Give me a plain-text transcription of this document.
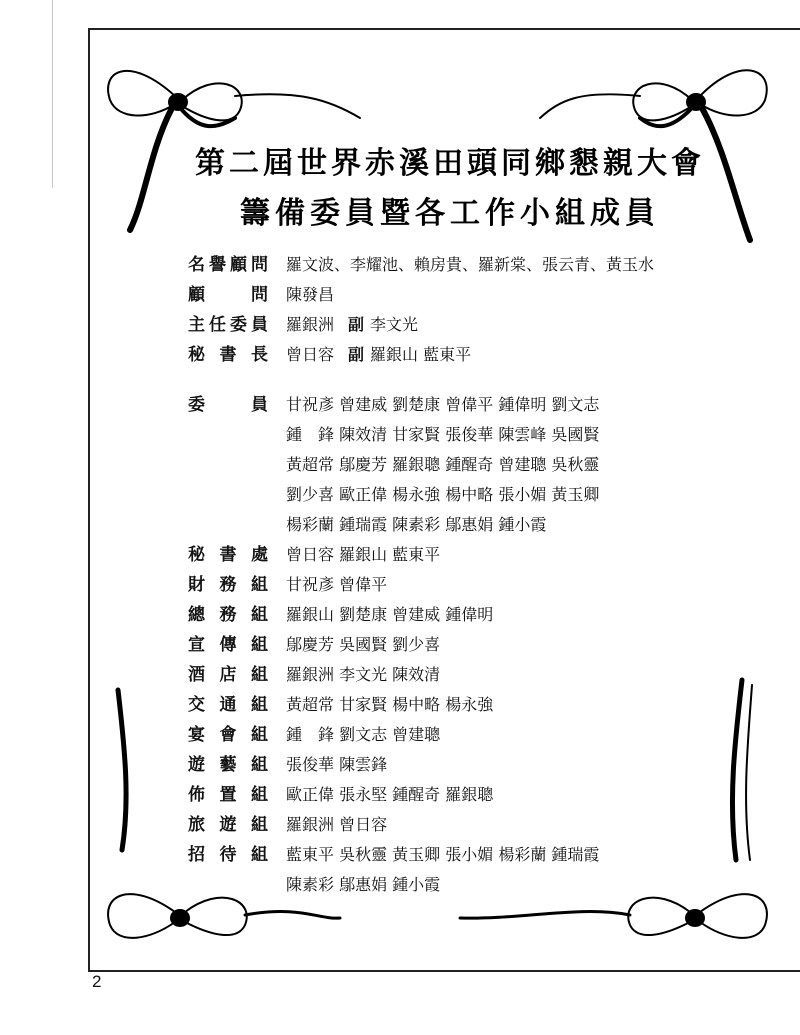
第二屆世界赤溪田頭同鄉懇親大會
籌備委員暨各工作小組成員
名譽顧問 羅文波、李耀池、賴房貴、羅新棠、張云青、黃玉水
顧　問 陳發昌
主任委員 羅銀洲 副 李文光
秘書長 曾日容 副 羅銀山 藍東平
委　員 甘祝彥 曾建威 劉楚康 曾偉平 鍾偉明 劉文志
鍾　鋒 陳效清 甘家賢 張俊華 陳雲峰 吳國賢
黃超常 鄔慶芳 羅銀聰 鍾醒奇 曾建聰 吳秋靈
劉少喜 歐正偉 楊永強 楊中略 張小媚 黃玉卿
楊彩蘭 鍾瑞霞 陳素彩 鄔惠娟 鍾小霞
秘書處 曾日容 羅銀山 藍東平
財務組 甘祝彥 曾偉平
總務組 羅銀山 劉楚康 曾建威 鍾偉明
宣傳組 鄔慶芳 吳國賢 劉少喜
酒店組 羅銀洲 李文光 陳效清
交通組 黃超常 甘家賢 楊中略 楊永強
宴會組 鍾　鋒 劉文志 曾建聰
遊藝組 張俊華 陳雲鋒
佈置組 歐正偉 張永堅 鍾醒奇 羅銀聰
旅遊組 羅銀洲 曾日容
招待組 藍東平 吳秋靈 黃玉卿 張小媚 楊彩蘭 鍾瑞霞
陳素彩 鄔惠娟 鍾小霞
2
